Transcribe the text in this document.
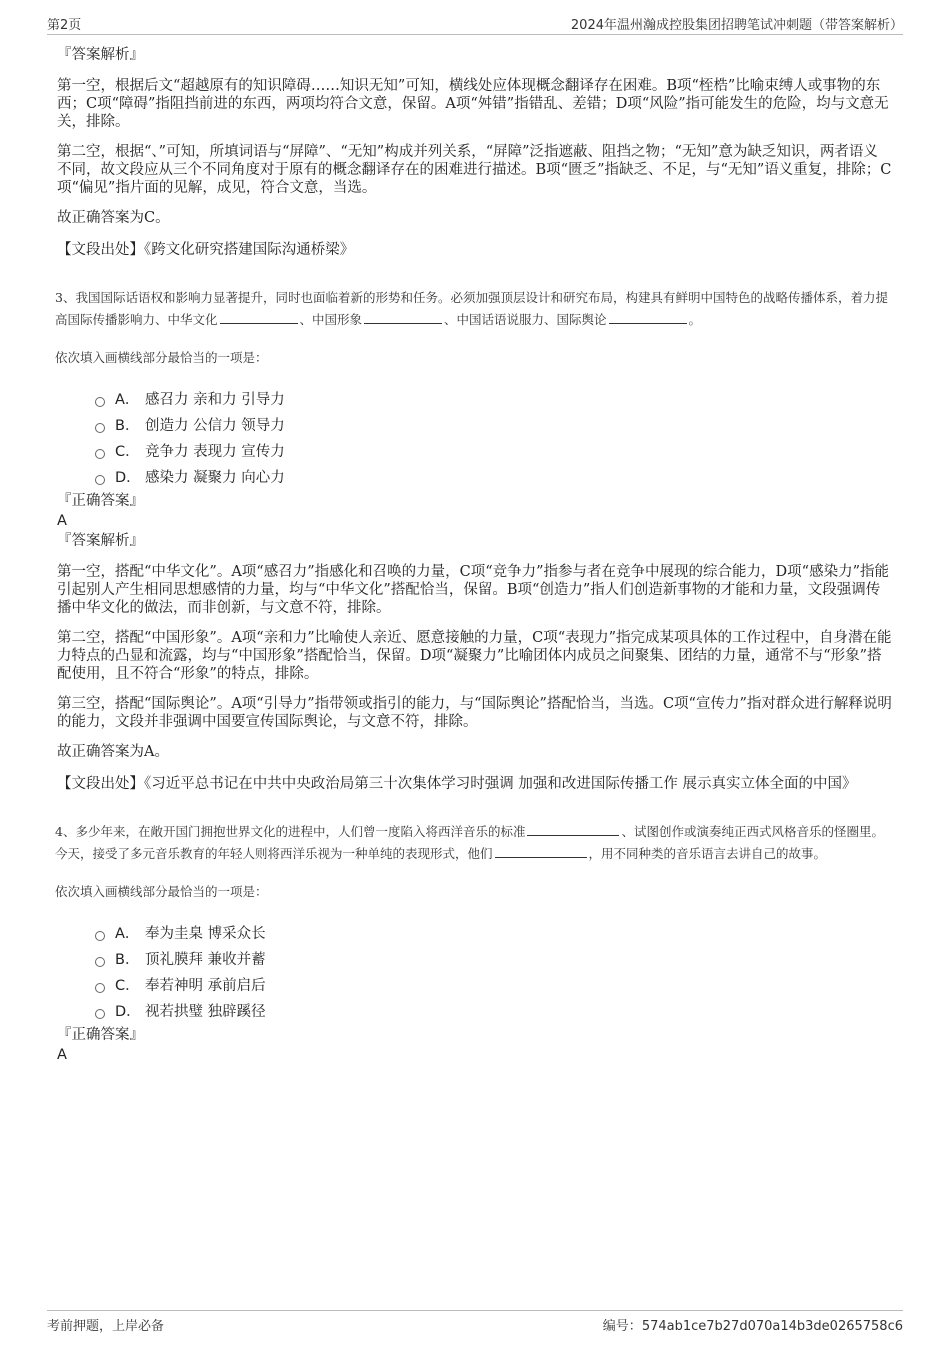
第2页	2024年温州瀚成控股集团招聘笔试冲刺题（带答案解析）

『答案解析』

第一空，根据后文“超越原有的知识障碍……知识无知”可知，横线处应体现概念翻译存在困难。B项“桎梏”比喻束缚人或事物的东西；C项“障碍”指阻挡前进的东西，两项均符合文意，保留。A项“舛错”指错乱、差错；D项“风险”指可能发生的危险，均与文意无关，排除。

第二空，根据“、”可知，所填词语与“屏障”、“无知”构成并列关系，“屏障”泛指遮蔽、阻挡之物；“无知”意为缺乏知识，两者语义不同，故文段应从三个不同角度对于原有的概念翻译存在的困难进行描述。B项“匮乏”指缺乏、不足，与“无知”语义重复，排除；C项“偏见”指片面的见解，成见，符合文意，当选。

故正确答案为C。

【文段出处】《跨文化研究搭建国际沟通桥梁》

3、我国国际话语权和影响力显著提升，同时也面临着新的形势和任务。必须加强顶层设计和研究布局，构建具有鲜明中国特色的战略传播体系，着力提高国际传播影响力、中华文化	、中国形象	、中国话语说服力、国际舆论	。

依次填入画横线部分最恰当的一项是：

A． 感召力 亲和力 引导力
B． 创造力 公信力 领导力
C． 竞争力 表现力 宣传力
D． 感染力 凝聚力 向心力

『正确答案』

A

『答案解析』

第一空，搭配“中华文化”。A项“感召力”指感化和召唤的力量，C项“竞争力”指参与者在竞争中展现的综合能力，D项“感染力”指能引起别人产生相同思想感情的力量，均与“中华文化”搭配恰当，保留。B项“创造力”指人们创造新事物的才能和力量，文段强调传播中华文化的做法，而非创新，与文意不符，排除。

第二空，搭配“中国形象”。A项“亲和力”比喻使人亲近、愿意接触的力量，C项“表现力”指完成某项具体的工作过程中，自身潜在能力特点的凸显和流露，均与“中国形象”搭配恰当，保留。D项“凝聚力”比喻团体内成员之间聚集、团结的力量，通常不与“形象”搭配使用，且不符合“形象”的特点，排除。

第三空，搭配“国际舆论”。A项“引导力”指带领或指引的能力，与“国际舆论”搭配恰当，当选。C项“宣传力”指对群众进行解释说明的能力，文段并非强调中国要宣传国际舆论，与文意不符，排除。

故正确答案为A。

【文段出处】《习近平总书记在中共中央政治局第三十次集体学习时强调 加强和改进国际传播工作 展示真实立体全面的中国》

4、多少年来，在敞开国门拥抱世界文化的进程中，人们曾一度陷入将西洋音乐的标准	、试图创作或演奏纯正西式风格音乐的怪圈里。今天，接受了多元音乐教育的年轻人则将西洋乐视为一种单纯的表现形式，他们	，用不同种类的音乐语言去讲自己的故事。

依次填入画横线部分最恰当的一项是：

A． 奉为圭臬 博采众长
B． 顶礼膜拜 兼收并蓄
C． 奉若神明 承前启后
D． 视若拱璧 独辟蹊径

『正确答案』

A

考前押题，上岸必备	编号：574ab1ce7b27d070a14b3de0265758c6
